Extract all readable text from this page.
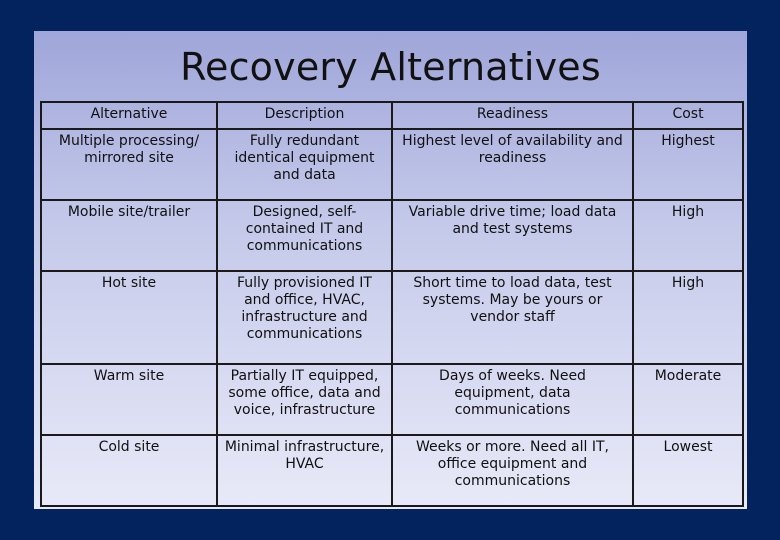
Recovery Alternatives
Alternative	Description	Readiness	Cost
Multiple processing/ mirrored site	Fully redundant identical equipment and data	Highest level of availability and readiness	Highest
Mobile site/trailer	Designed, self-contained IT and communications	Variable drive time; load data and test systems	High
Hot site	Fully provisioned IT and office, HVAC, infrastructure and communications	Short time to load data, test systems. May be yours or vendor staff	High
Warm site	Partially IT equipped, some office, data and voice, infrastructure	Days of weeks. Need equipment, data communications	Moderate
Cold site	Minimal infrastructure, HVAC	Weeks or more. Need all IT, office equipment and communications	Lowest
